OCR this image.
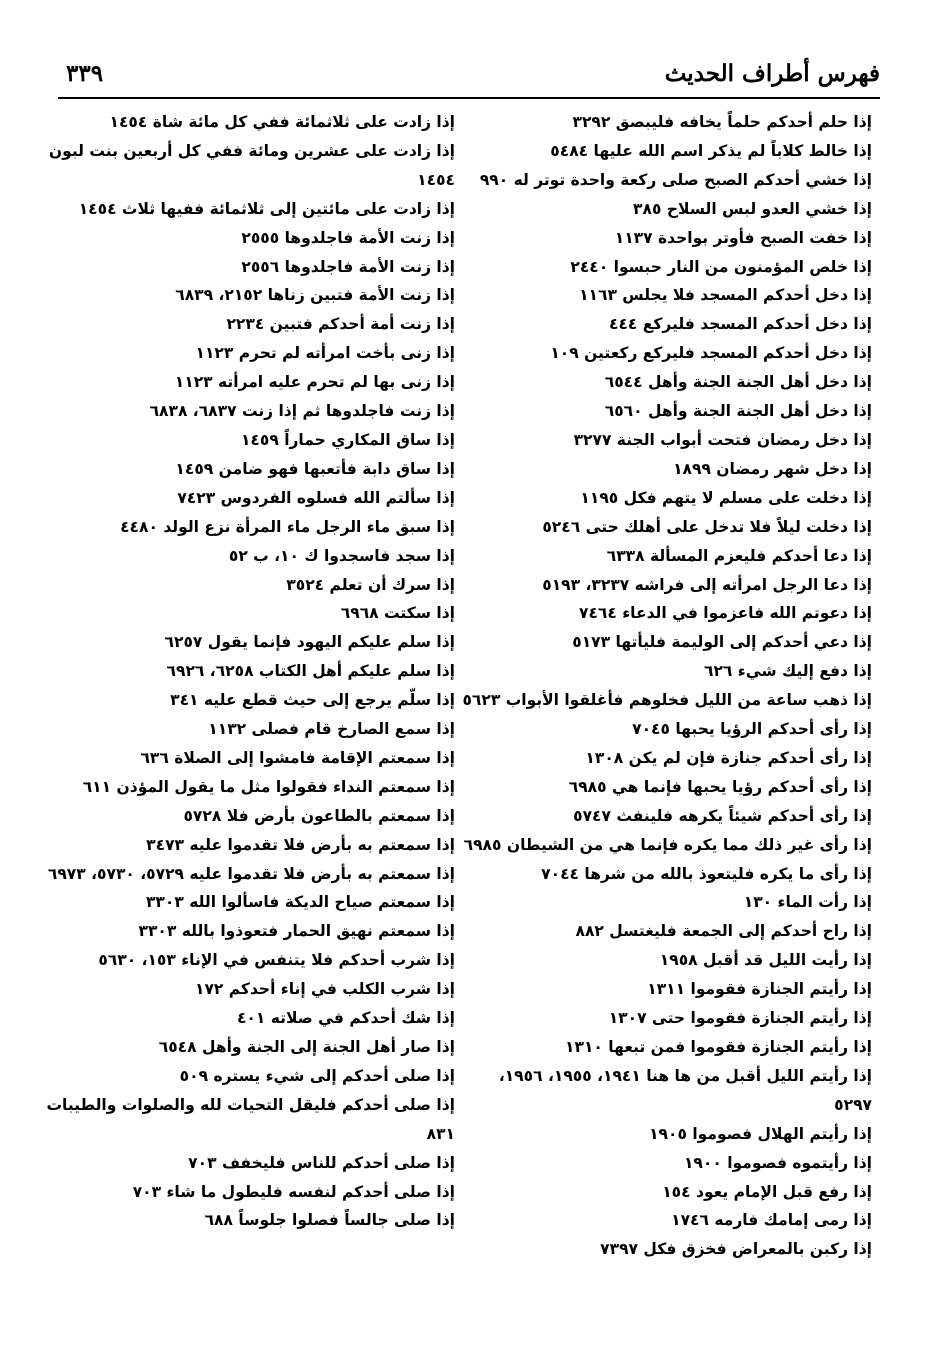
فهرس أطراف الحديث
٣٣٩
إذا حلم أحدكم حلماً يخافه فليبصق ٣٢٩٢
إذا خالط كلاباً لم يذكر اسم الله عليها ٥٤٨٤
إذا خشي أحدكم الصبح صلى ركعة واحدة توتر له ٩٩٠
إذا خشي العدو لبس السلاح ٣٨٥
إذا خفت الصبح فأوتر بواحدة ١١٣٧
إذا خلص المؤمنون من النار حبسوا ٢٤٤٠
إذا دخل أحدكم المسجد فلا يجلس ١١٦٣
إذا دخل أحدكم المسجد فليركع ٤٤٤
إذا دخل أحدكم المسجد فليركع ركعتين ١٠٩
إذا دخل أهل الجنة الجنة وأهل ٦٥٤٤
إذا دخل أهل الجنة الجنة وأهل ٦٥٦٠
إذا دخل رمضان فتحت أبواب الجنة ٣٢٧٧
إذا دخل شهر رمضان ١٨٩٩
إذا دخلت على مسلم لا يتهم فكل ١١٩٥
إذا دخلت ليلاً فلا تدخل على أهلك حتى ٥٢٤٦
إذا دعا أحدكم فليعزم المسألة ٦٣٣٨
إذا دعا الرجل امرأته إلى فراشه ٣٢٣٧، ٥١٩٣
إذا دعوتم الله فاعزموا في الدعاء ٧٤٦٤
إذا دعي أحدكم إلى الوليمة فليأتها ٥١٧٣
إذا دفع إليك شيء ٦٢٦
إذا ذهب ساعة من الليل فخلوهم فأغلقوا الأبواب ٥٦٢٣
إذا رأى أحدكم الرؤيا يحبها ٧٠٤٥
إذا رأى أحدكم جنازة فإن لم يكن ١٣٠٨
إذا رأى أحدكم رؤيا يحبها فإنما هي ٦٩٨٥
إذا رأى أحدكم شيئاً يكرهه فلينفث ٥٧٤٧
إذا رأى غير ذلك مما يكره فإنما هي من الشيطان ٦٩٨٥
إذا رأى ما يكره فليتعوذ بالله من شرها ٧٠٤٤
إذا رأت الماء ١٣٠
إذا راح أحدكم إلى الجمعة فليغتسل ٨٨٢
إذا رأيت الليل قد أقبل ١٩٥٨
إذا رأيتم الجنازة فقوموا ١٣١١
إذا رأيتم الجنازة فقوموا حتى ١٣٠٧
إذا رأيتم الجنازة فقوموا فمن تبعها ١٣١٠
إذا رأيتم الليل أقبل من ها هنا ١٩٤١، ١٩٥٥، ١٩٥٦، ٥٢٩٧
إذا رأيتم الهلال فصوموا ١٩٠٥
إذا رأيتموه فصوموا ١٩٠٠
إذا رفع قبل الإمام يعود ١٥٤
إذا رمى إمامك فارمه ١٧٤٦
إذا ركبن بالمعراض فخزق فكل ٧٣٩٧
إذا زادت على ثلاثمائة ففي كل مائة شاة ١٤٥٤
إذا زادت على عشرين ومائة ففي كل أربعين بنت لبون ١٤٥٤
إذا زادت على مائتين إلى ثلاثمائة ففيها ثلاث ١٤٥٤
إذا زنت الأمة فاجلدوها ٢٥٥٥
إذا زنت الأمة فاجلدوها ٢٥٥٦
إذا زنت الأمة فتبين زناها ٢١٥٢، ٦٨٣٩
إذا زنت أمة أحدكم فتبين ٢٢٣٤
إذا زنى بأخت امرأته لم تحرم ١١٢٣
إذا زنى بها لم تحرم عليه امرأته ١١٢٣
إذا زنت فاجلدوها ثم إذا زنت ٦٨٣٧، ٦٨٣٨
إذا ساق المكاري حماراً ١٤٥٩
إذا ساق دابة فأتعبها فهو ضامن ١٤٥٩
إذا سألتم الله فسلوه الفردوس ٧٤٢٣
إذا سبق ماء الرجل ماء المرأة نزع الولد ٤٤٨٠
إذا سجد فاسجدوا ك ١٠، ب ٥٢
إذا سرك أن تعلم ٣٥٢٤
إذا سكتت ٦٩٦٨
إذا سلم عليكم اليهود فإنما يقول ٦٢٥٧
إذا سلم عليكم أهل الكتاب ٦٢٥٨، ٦٩٢٦
إذا سلّم يرجع إلى حيث قطع عليه ٣٤١
إذا سمع الصارخ قام فصلى ١١٣٢
إذا سمعتم الإقامة فامشوا إلى الصلاة ٦٣٦
إذا سمعتم النداء فقولوا مثل ما يقول المؤذن ٦١١
إذا سمعتم بالطاعون بأرض فلا ٥٧٢٨
إذا سمعتم به بأرض فلا تقدموا عليه ٣٤٧٣
إذا سمعتم به بأرض فلا تقدموا عليه ٥٧٢٩، ٥٧٣٠، ٦٩٧٣
إذا سمعتم صياح الديكة فاسألوا الله ٣٣٠٣
إذا سمعتم نهيق الحمار فتعوذوا بالله ٣٣٠٣
إذا شرب أحدكم فلا يتنفس في الإناء ١٥٣، ٥٦٣٠
إذا شرب الكلب في إناء أحدكم ١٧٢
إذا شك أحدكم في صلاته ٤٠١
إذا صار أهل الجنة إلى الجنة وأهل ٦٥٤٨
إذا صلى أحدكم إلى شيء يستره ٥٠٩
إذا صلى أحدكم فليقل التحيات لله والصلوات والطيبات ٨٣١
إذا صلى أحدكم للناس فليخفف ٧٠٣
إذا صلى أحدكم لنفسه فليطول ما شاء ٧٠٣
إذا صلى جالساً فصلوا جلوساً ٦٨٨
